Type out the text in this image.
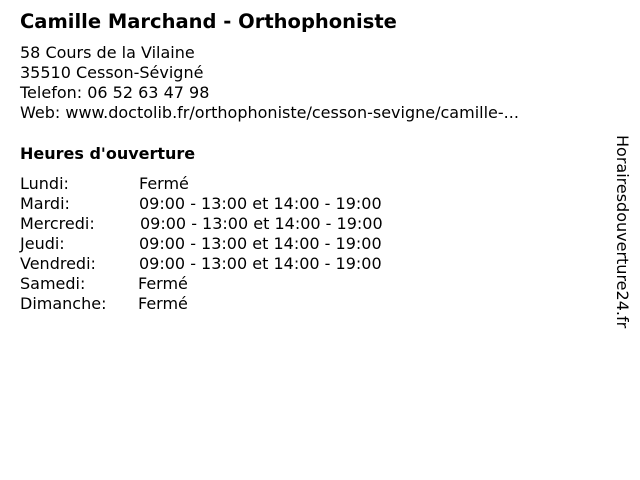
Camille Marchand - Orthophoniste
58 Cours de la Vilaine
35510 Cesson-Sévigné
Telefon: 06 52 63 47 98
Web: www.doctolib.fr/orthophoniste/cesson-sevigne/camille-...
Heures d'ouverture
Lundi:	Fermé
Mardi:	09:00 - 13:00 et 14:00 - 19:00
Mercredi:	09:00 - 13:00 et 14:00 - 19:00
Jeudi:	09:00 - 13:00 et 14:00 - 19:00
Vendredi:	09:00 - 13:00 et 14:00 - 19:00
Samedi:	Fermé
Dimanche: Fermé	Horairesdouverture24.fr
